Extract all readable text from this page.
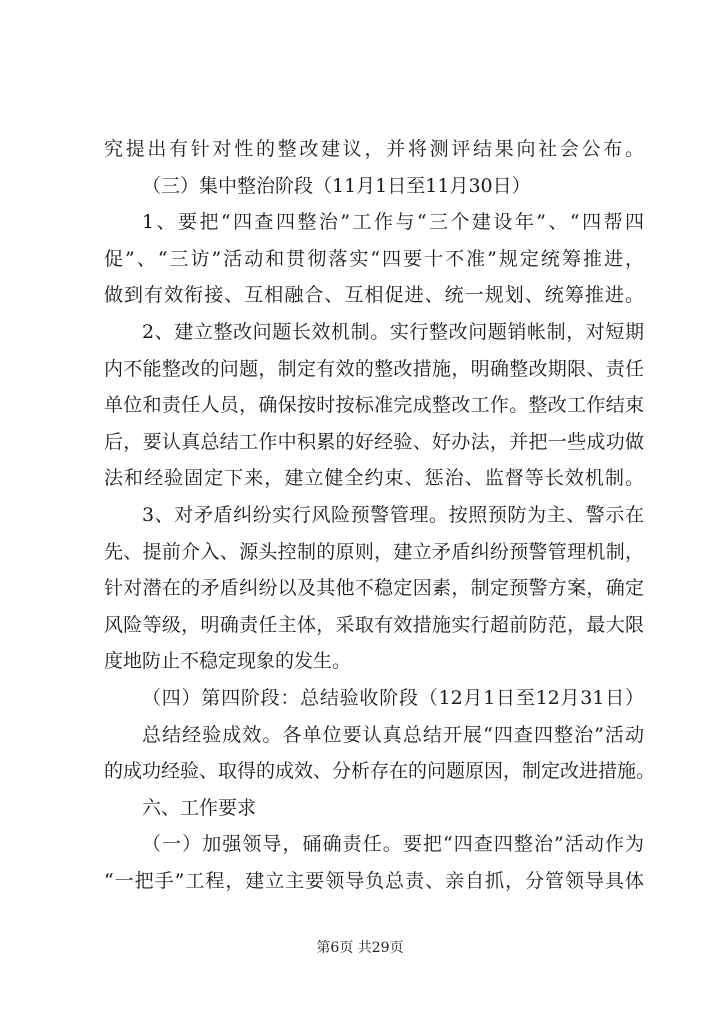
究提出有针对性的整改建议，并将测评结果向社会公布。
（三）集中整治阶段（11月1日至11月30日）
1、要把“四查四整治”工作与“三个建设年”、“四帮四
促”、“三访”活动和贯彻落实“四要十不准”规定统筹推进，
做到有效衔接、互相融合、互相促进、统一规划、统筹推进。
2、建立整改问题长效机制。实行整改问题销帐制，对短期
内不能整改的问题，制定有效的整改措施，明确整改期限、责任
单位和责任人员，确保按时按标准完成整改工作。整改工作结束
后，要认真总结工作中积累的好经验、好办法，并把一些成功做
法和经验固定下来，建立健全约束、惩治、监督等长效机制。
3、对矛盾纠纷实行风险预警管理。按照预防为主、警示在
先、提前介入、源头控制的原则，建立矛盾纠纷预警管理机制，
针对潜在的矛盾纠纷以及其他不稳定因素，制定预警方案，确定
风险等级，明确责任主体，采取有效措施实行超前防范，最大限
度地防止不稳定现象的发生。
（四）第四阶段：总结验收阶段（12月1日至12月31日）
总结经验成效。各单位要认真总结开展“四查四整治”活动
的成功经验、取得的成效、分析存在的问题原因，制定改进措施。
六、工作要求
（一）加强领导，硧确责任。要把“四查四整治”活动作为
“一把手”工程，建立主要领导负总责、亲自抓，分管领导具体
第6页 共29页
